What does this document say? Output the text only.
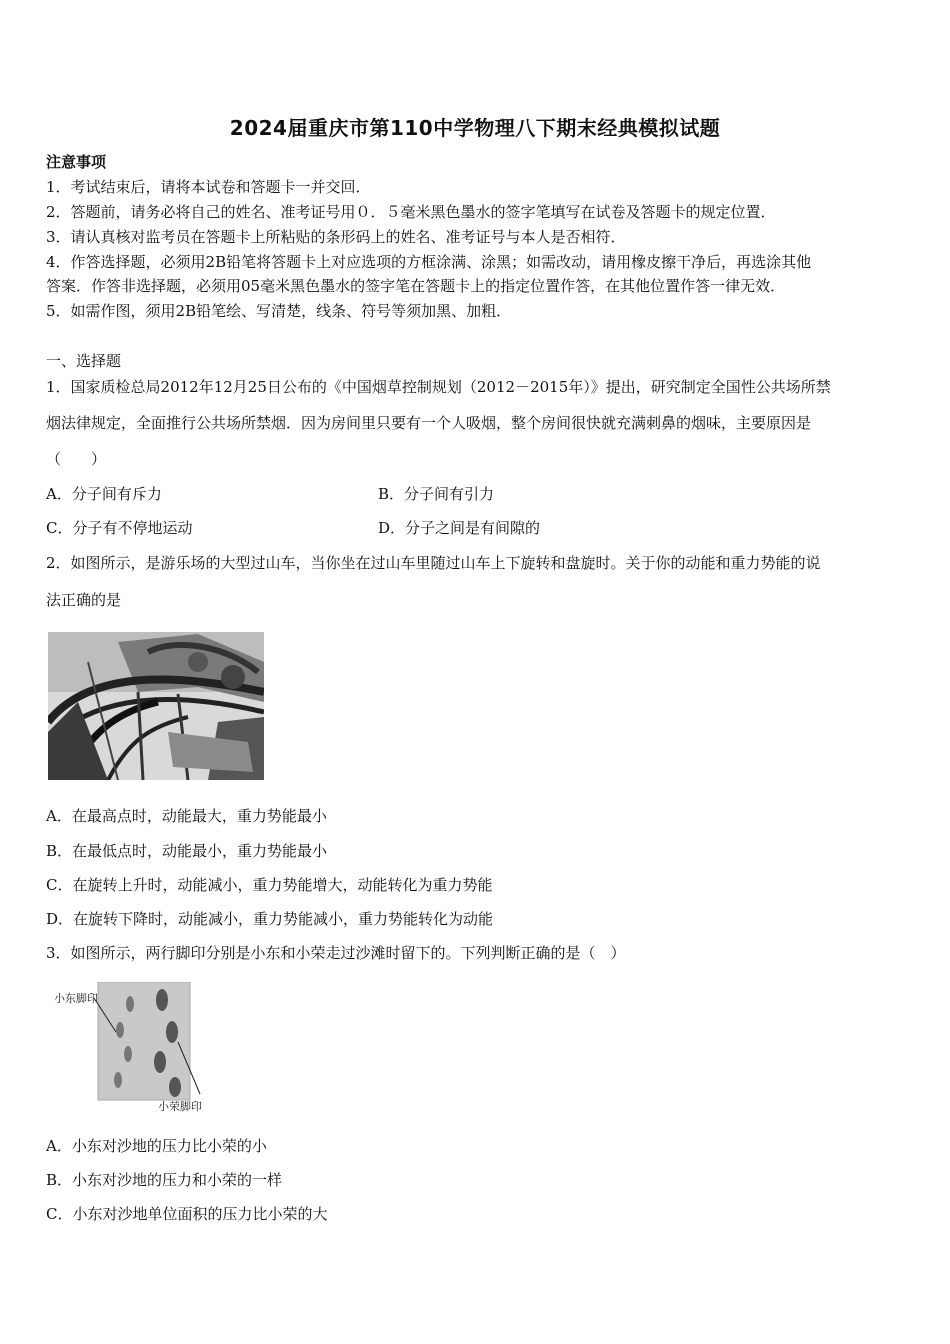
2024届重庆市第110中学物理八下期末经典模拟试题
注意事项
1．考试结束后，请将本试卷和答题卡一并交回．
2．答题前，请务必将自己的姓名、准考证号用０．５毫米黑色墨水的签字笔填写在试卷及答题卡的规定位置．
3．请认真核对监考员在答题卡上所粘贴的条形码上的姓名、准考证号与本人是否相符．
4．作答选择题，必须用2B铅笔将答题卡上对应选项的方框涂满、涂黑；如需改动，请用橡皮擦干净后，再选涂其他
答案．作答非选择题，必须用05毫米黑色墨水的签字笔在答题卡上的指定位置作答，在其他位置作答一律无效．
5．如需作图，须用2B铅笔绘、写清楚，线条、符号等须加黑、加粗．
一、选择题
1．国家质检总局2012年12月25日公布的《中国烟草控制规划（2012－2015年）》提出，研究制定全国性公共场所禁
烟法律规定，全面推行公共场所禁烟．因为房间里只要有一个人吸烟，整个房间很快就充满刺鼻的烟味，主要原因是
（　　）
A．分子间有斥力	B．分子间有引力
C．分子有不停地运动	D．分子之间是有间隙的
2．如图所示，是游乐场的大型过山车，当你坐在过山车里随过山车上下旋转和盘旋时。关于你的动能和重力势能的说
法正确的是
A．在最高点时，动能最大，重力势能最小
B．在最低点时，动能最小，重力势能最小
C．在旋转上升时，动能减小，重力势能增大，动能转化为重力势能
D．在旋转下降时，动能减小，重力势能减小，重力势能转化为动能
3．如图所示，两行脚印分别是小东和小荣走过沙滩时留下的。下列判断正确的是（　）
小东脚印
小荣脚印
A．小东对沙地的压力比小荣的小
B．小东对沙地的压力和小荣的一样
C．小东对沙地单位面积的压力比小荣的大
